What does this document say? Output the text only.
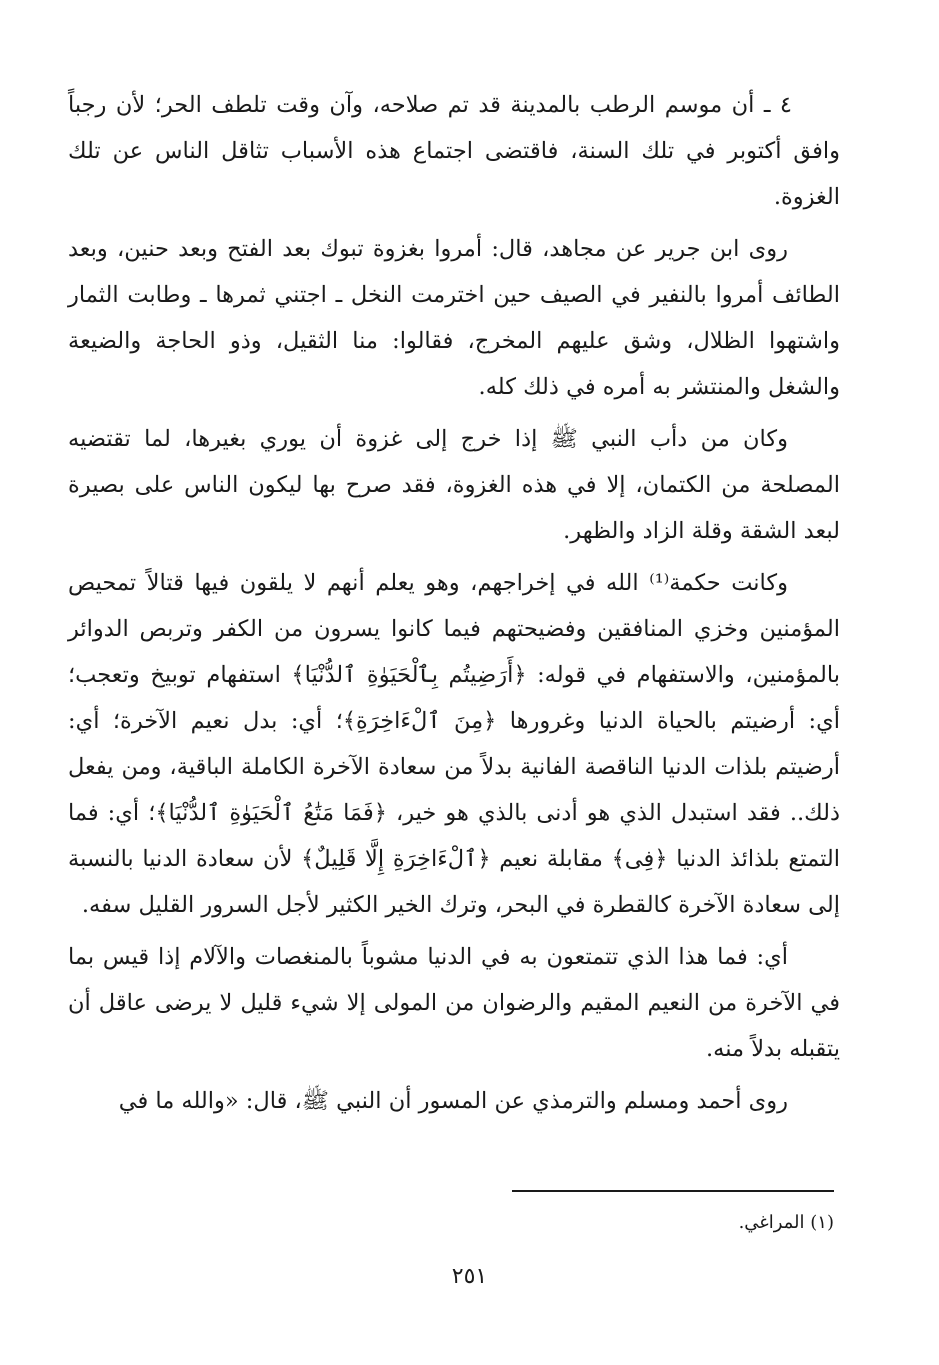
٤ ـ أن موسم الرطب بالمدينة قد تم صلاحه، وآن وقت تلطف الحر؛ لأن رجباً وافق أكتوبر في تلك السنة، فاقتضى اجتماع هذه الأسباب تثاقل الناس عن تلك الغزوة.

روى ابن جرير عن مجاهد، قال: أمروا بغزوة تبوك بعد الفتح وبعد حنين، وبعد الطائف أمروا بالنفير في الصيف حين اخترمت النخل ـ اجتني ثمرها ـ وطابت الثمار واشتهوا الظلال، وشق عليهم المخرج، فقالوا: منا الثقيل، وذو الحاجة والضيعة والشغل والمنتشر به أمره في ذلك كله.

وكان من دأب النبي ﷺ إذا خرج إلى غزوة أن يوري بغيرها، لما تقتضيه المصلحة من الكتمان، إلا في هذه الغزوة، فقد صرح بها ليكون الناس على بصيرة لبعد الشقة وقلة الزاد والظهر.

وكانت حكمة⁽¹⁾ الله في إخراجهم، وهو يعلم أنهم لا يلقون فيها قتالاً تمحيص المؤمنين وخزي المنافقين وفضيحتهم فيما كانوا يسرون من الكفر وتربص الدوائر بالمؤمنين، والاستفهام في قوله: ﴿أَرَضِيتُم بِٱلْحَيَوٰةِ ٱلدُّنْيَا﴾ استفهام توبيخ وتعجب؛ أي: أرضيتم بالحياة الدنيا وغرورها ﴿مِنَ ٱلْءَاخِرَةِ﴾؛ أي: بدل نعيم الآخرة؛ أي: أرضيتم بلذات الدنيا الناقصة الفانية بدلاً من سعادة الآخرة الكاملة الباقية، ومن يفعل ذلك.. فقد استبدل الذي هو أدنى بالذي هو خير، ﴿فَمَا مَتَٰعُ ٱلْحَيَوٰةِ ٱلدُّنْيَا﴾؛ أي: فما التمتع بلذائذ الدنيا ﴿فِى﴾ مقابلة نعيم ﴿ٱلْءَاخِرَةِ إِلَّا قَلِيلٌ﴾ لأن سعادة الدنيا بالنسبة إلى سعادة الآخرة كالقطرة في البحر، وترك الخير الكثير لأجل السرور القليل سفه.

أي: فما هذا الذي تتمتعون به في الدنيا مشوباً بالمنغصات والآلام إذا قيس بما في الآخرة من النعيم المقيم والرضوان من المولى إلا شيء قليل لا يرضى عاقل أن يتقبله بدلاً منه.

روى أحمد ومسلم والترمذي عن المسور أن النبي ﷺ، قال: «والله ما في

(١) المراغي.
٢٥١
